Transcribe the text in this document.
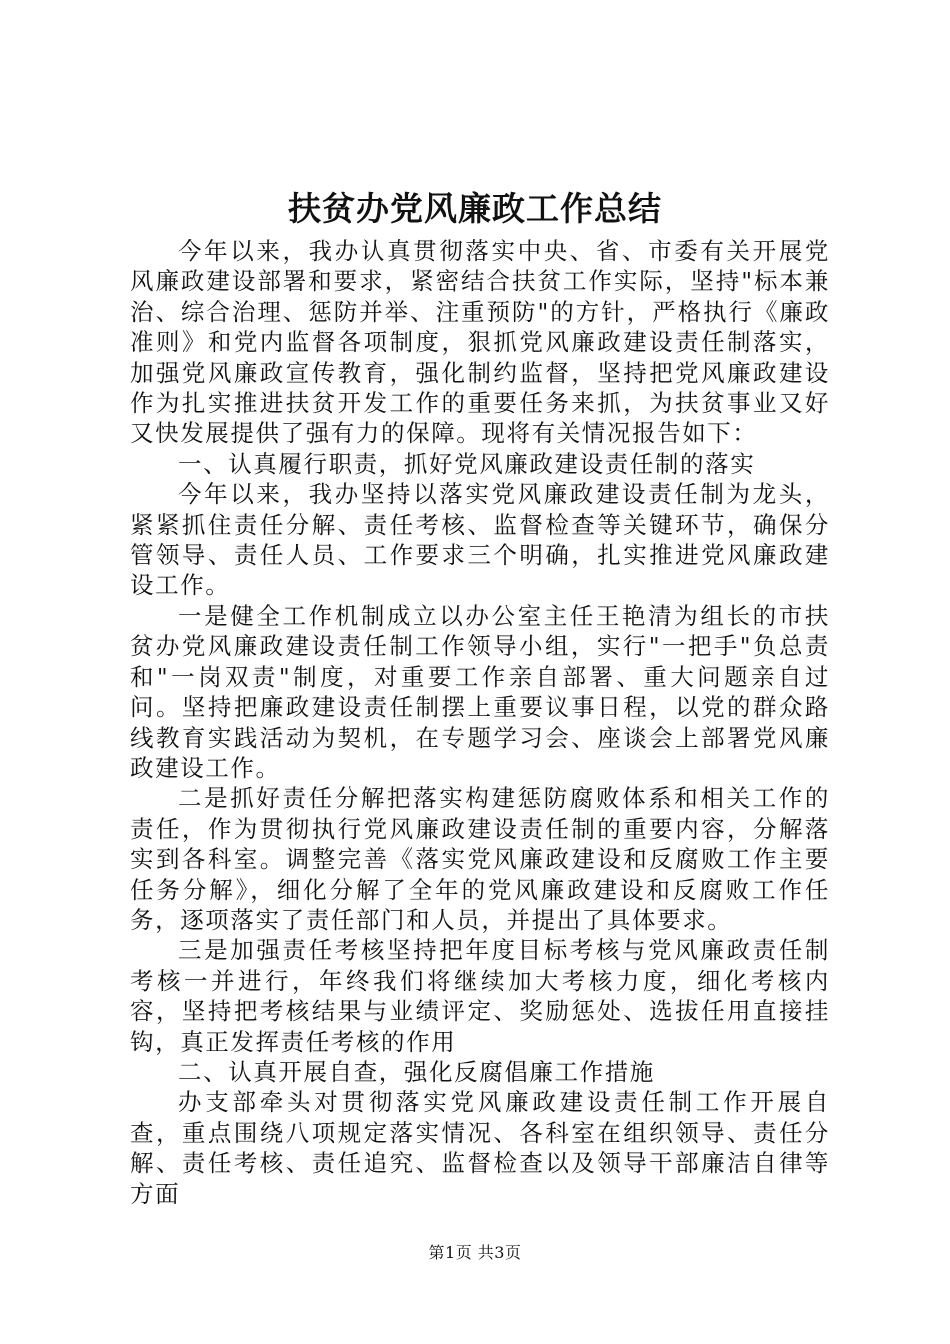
扶贫办党风廉政工作总结

今年以来，我办认真贯彻落实中央、省、市委有关开展党风廉政建设部署和要求，紧密结合扶贫工作实际，坚持"标本兼治、综合治理、惩防并举、注重预防"的方针，严格执行《廉政准则》和党内监督各项制度，狠抓党风廉政建设责任制落实，加强党风廉政宣传教育，强化制约监督，坚持把党风廉政建设作为扎实推进扶贫开发工作的重要任务来抓，为扶贫事业又好又快发展提供了强有力的保障。现将有关情况报告如下：

一、认真履行职责，抓好党风廉政建设责任制的落实

今年以来，我办坚持以落实党风廉政建设责任制为龙头，紧紧抓住责任分解、责任考核、监督检查等关键环节，确保分管领导、责任人员、工作要求三个明确，扎实推进党风廉政建设工作。

一是健全工作机制成立以办公室主任王艳清为组长的市扶贫办党风廉政建设责任制工作领导小组，实行"一把手"负总责和"一岗双责"制度，对重要工作亲自部署、重大问题亲自过问。坚持把廉政建设责任制摆上重要议事日程，以党的群众路线教育实践活动为契机，在专题学习会、座谈会上部署党风廉政建设工作。

二是抓好责任分解把落实构建惩防腐败体系和相关工作的责任，作为贯彻执行党风廉政建设责任制的重要内容，分解落实到各科室。调整完善《落实党风廉政建设和反腐败工作主要任务分解》，细化分解了全年的党风廉政建设和反腐败工作任务，逐项落实了责任部门和人员，并提出了具体要求。

三是加强责任考核坚持把年度目标考核与党风廉政责任制考核一并进行，年终我们将继续加大考核力度，细化考核内容，坚持把考核结果与业绩评定、奖励惩处、选拔任用直接挂钩，真正发挥责任考核的作用

二、认真开展自查，强化反腐倡廉工作措施

办支部牵头对贯彻落实党风廉政建设责任制工作开展自查，重点围绕八项规定落实情况、各科室在组织领导、责任分解、责任考核、责任追究、监督检查以及领导干部廉洁自律等方面

第1页 共3页
